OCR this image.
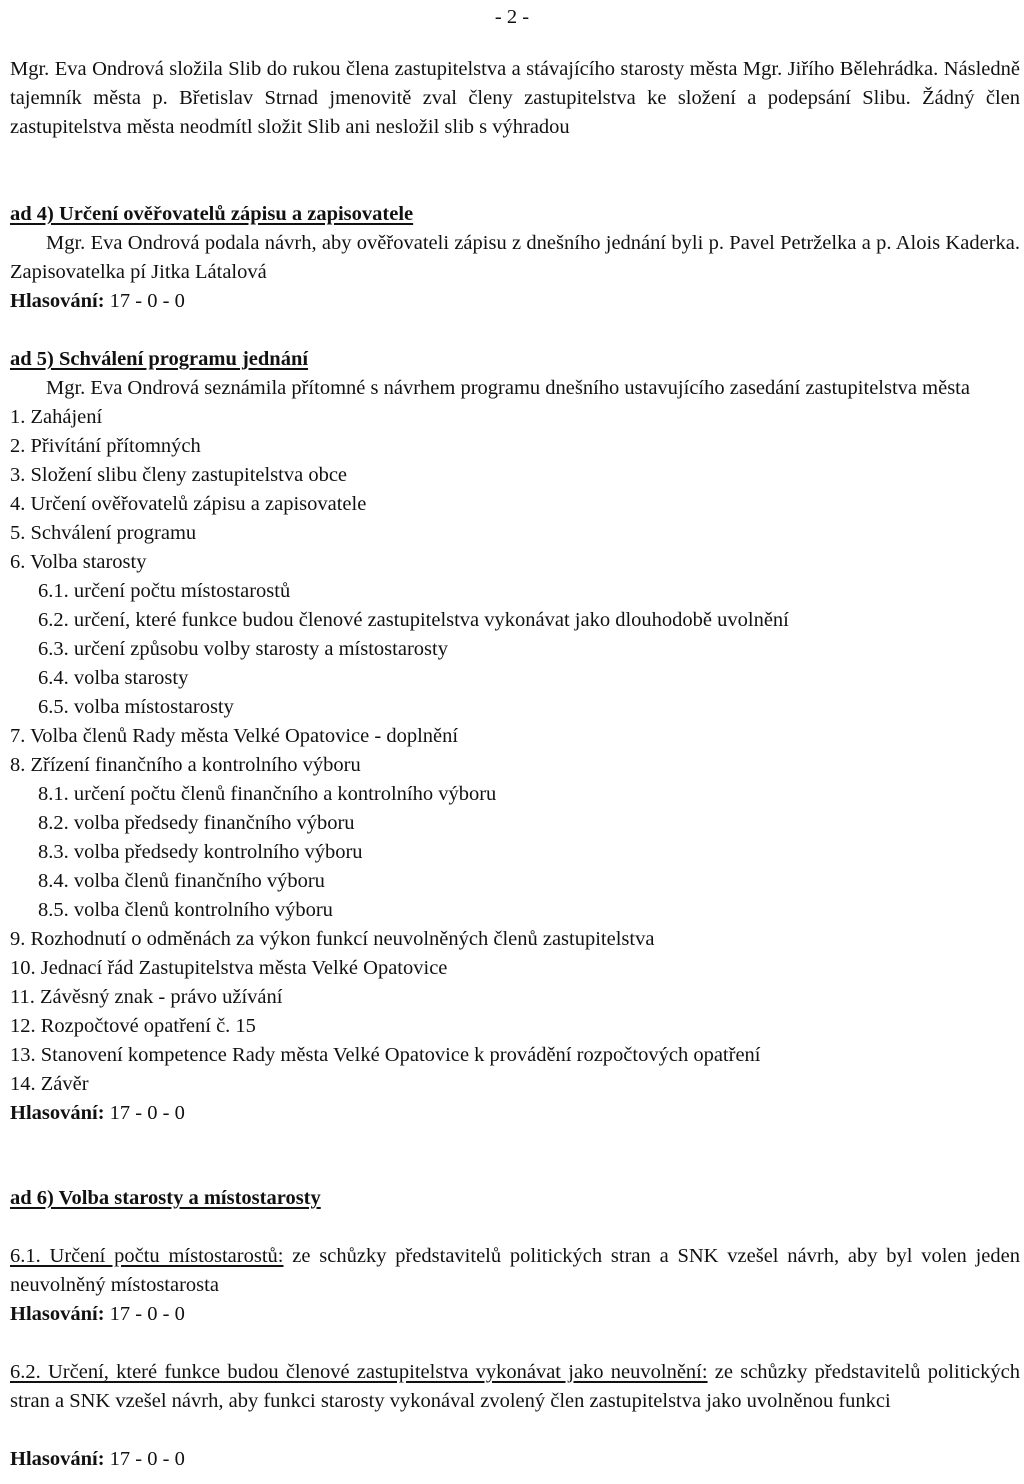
- 2 -
Mgr. Eva Ondrová složila Slib do rukou člena zastupitelstva a stávajícího starosty města Mgr. Jiřího Bělehrádka. Následně tajemník města p. Břetislav Strnad jmenovitě zval členy zastupitelstva ke složení a podepsání Slibu. Žádný člen zastupitelstva města neodmítl složit Slib ani nesložil slib s výhradou
ad 4) Určení ověřovatelů zápisu a zapisovatele
Mgr. Eva Ondrová podala návrh, aby ověřovateli zápisu z dnešního jednání byli p. Pavel Petrželka a p. Alois Kaderka. Zapisovatelka pí Jitka Látalová
Hlasování: 17 - 0 - 0
ad 5) Schválení programu jednání
Mgr. Eva Ondrová seznámila přítomné s návrhem programu dnešního ustavujícího zasedání zastupitelstva města
1. Zahájení
2. Přivítání přítomných
3. Složení slibu členy zastupitelstva obce
4. Určení ověřovatelů zápisu a zapisovatele
5. Schválení programu
6. Volba starosty
6.1. určení počtu místostarostů
6.2. určení, které funkce budou členové zastupitelstva vykonávat jako dlouhodobě uvolnění
6.3. určení způsobu volby starosty a místostarosty
6.4. volba starosty
6.5. volba místostarosty
7. Volba členů Rady města Velké Opatovice - doplnění
8. Zřízení finančního a kontrolního výboru
8.1. určení počtu členů finančního a kontrolního výboru
8.2. volba předsedy finančního výboru
8.3. volba předsedy kontrolního výboru
8.4. volba členů finančního výboru
8.5. volba členů kontrolního výboru
9. Rozhodnutí o odměnách za výkon funkcí neuvolněných členů zastupitelstva
10. Jednací řád Zastupitelstva města Velké Opatovice
11. Závěsný znak - právo užívání
12. Rozpočtové opatření č. 15
13. Stanovení kompetence Rady města Velké Opatovice k provádění rozpočtových opatření
14. Závěr
Hlasování: 17 - 0 - 0
ad 6) Volba starosty a místostarosty
6.1. Určení počtu místostarostů: ze schůzky představitelů politických stran a SNK vzešel návrh, aby byl volen jeden neuvolněný místostarosta
Hlasování: 17 - 0 - 0
6.2. Určení, které funkce budou členové zastupitelstva vykonávat jako neuvolnění: ze schůzky představitelů politických stran a SNK vzešel návrh, aby funkci starosty vykonával zvolený člen zastupitelstva jako uvolněnou funkci
Hlasování: 17 - 0 - 0
